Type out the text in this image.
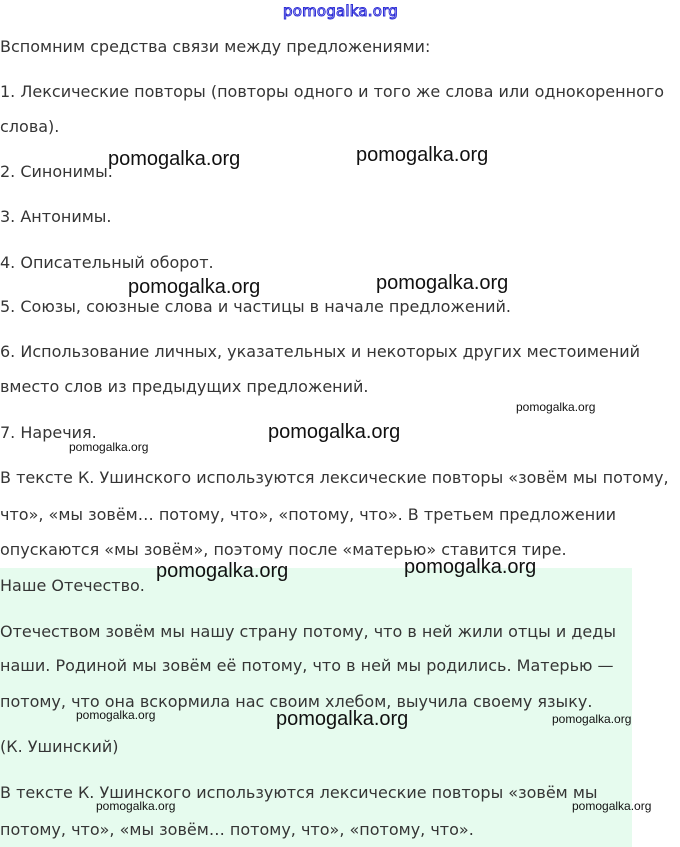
pomogalka.org
Вспомним средства связи между предложениями:
1. Лексические повторы (повторы одного и того же слова или однокоренного
слова).
2. Синонимы.
3. Антонимы.
4. Описательный оборот.
5. Союзы, союзные слова и частицы в начале предложений.
6. Использование личных, указательных и некоторых других местоимений
вместо слов из предыдущих предложений.
7. Наречия.
В тексте К. Ушинского используются лексические повторы «зовём мы потому,
что», «мы зовём… потому, что», «потому, что». В третьем предложении
опускаются «мы зовём», поэтому после «матерью» ставится тире.
Наше Отечество.
Отечеством зовём мы нашу страну потому, что в ней жили отцы и деды
наши. Родиной мы зовём её потому, что в ней мы родились. Матерью —
потому, что она вскормила нас своим хлебом, выучила своему языку.
(К. Ушинский)
В тексте К. Ушинского используются лексические повторы «зовём мы
потому, что», «мы зовём… потому, что», «потому, что».
pomogalka.org	pomogalka.org
pomogalka.org	pomogalka.org
pomogalka.org
pomogalka.org
pomogalka.org
pomogalka.org	pomogalka.org
pomogalka.org	pomogalka.org	pomogalka.org
pomogalka.org	pomogalka.org
